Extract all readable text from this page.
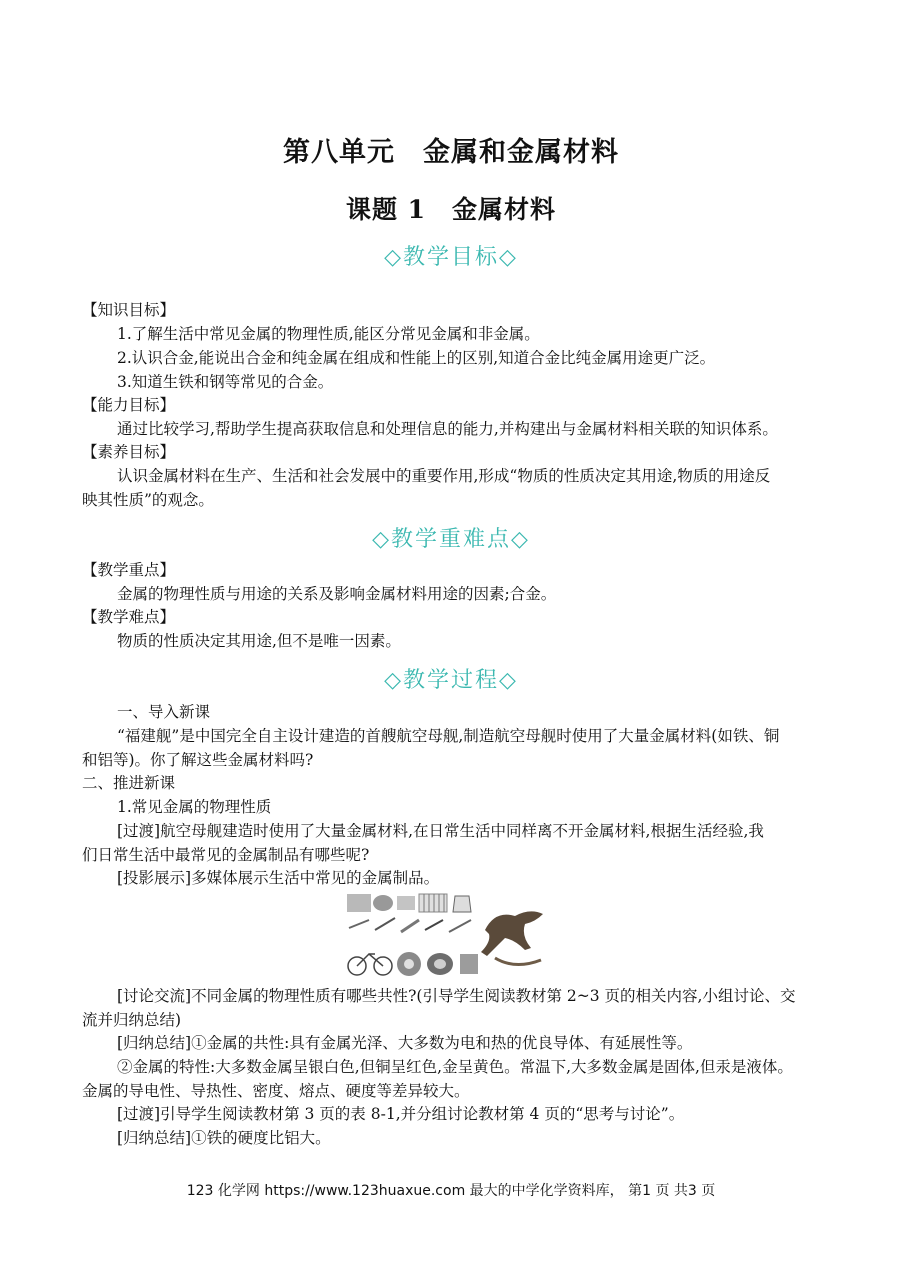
第八单元　金属和金属材料
课题 1　金属材料
◇教学目标◇
【知识目标】
1.了解生活中常见金属的物理性质,能区分常见金属和非金属。
2.认识合金,能说出合金和纯金属在组成和性能上的区别,知道合金比纯金属用途更广泛。
3.知道生铁和钢等常见的合金。
【能力目标】
通过比较学习,帮助学生提高获取信息和处理信息的能力,并构建出与金属材料相关联的知识体系。
【素养目标】
认识金属材料在生产、生活和社会发展中的重要作用,形成“物质的性质决定其用途,物质的用途反
映其性质”的观念。
◇教学重难点◇
【教学重点】
金属的物理性质与用途的关系及影响金属材料用途的因素;合金。
【教学难点】
物质的性质决定其用途,但不是唯一因素。
◇教学过程◇
一、导入新课
“福建舰”是中国完全自主设计建造的首艘航空母舰,制造航空母舰时使用了大量金属材料(如铁、铜
和铝等)。你了解这些金属材料吗?
二、推进新课
1.常见金属的物理性质
[过渡]航空母舰建造时使用了大量金属材料,在日常生活中同样离不开金属材料,根据生活经验,我
们日常生活中最常见的金属制品有哪些呢?
[投影展示]多媒体展示生活中常见的金属制品。
[讨论交流]不同金属的物理性质有哪些共性?(引导学生阅读教材第 2~3 页的相关内容,小组讨论、交
流并归纳总结)
[归纳总结]①金属的共性:具有金属光泽、大多数为电和热的优良导体、有延展性等。
②金属的特性:大多数金属呈银白色,但铜呈红色,金呈黄色。常温下,大多数金属是固体,但汞是液体。
金属的导电性、导热性、密度、熔点、硬度等差异较大。
[过渡]引导学生阅读教材第 3 页的表 8-1,并分组讨论教材第 4 页的“思考与讨论”。
[归纳总结]①铁的硬度比铝大。
123 化学网 https://www.123huaxue.com 最大的中学化学资料库， 第1 页 共3 页
